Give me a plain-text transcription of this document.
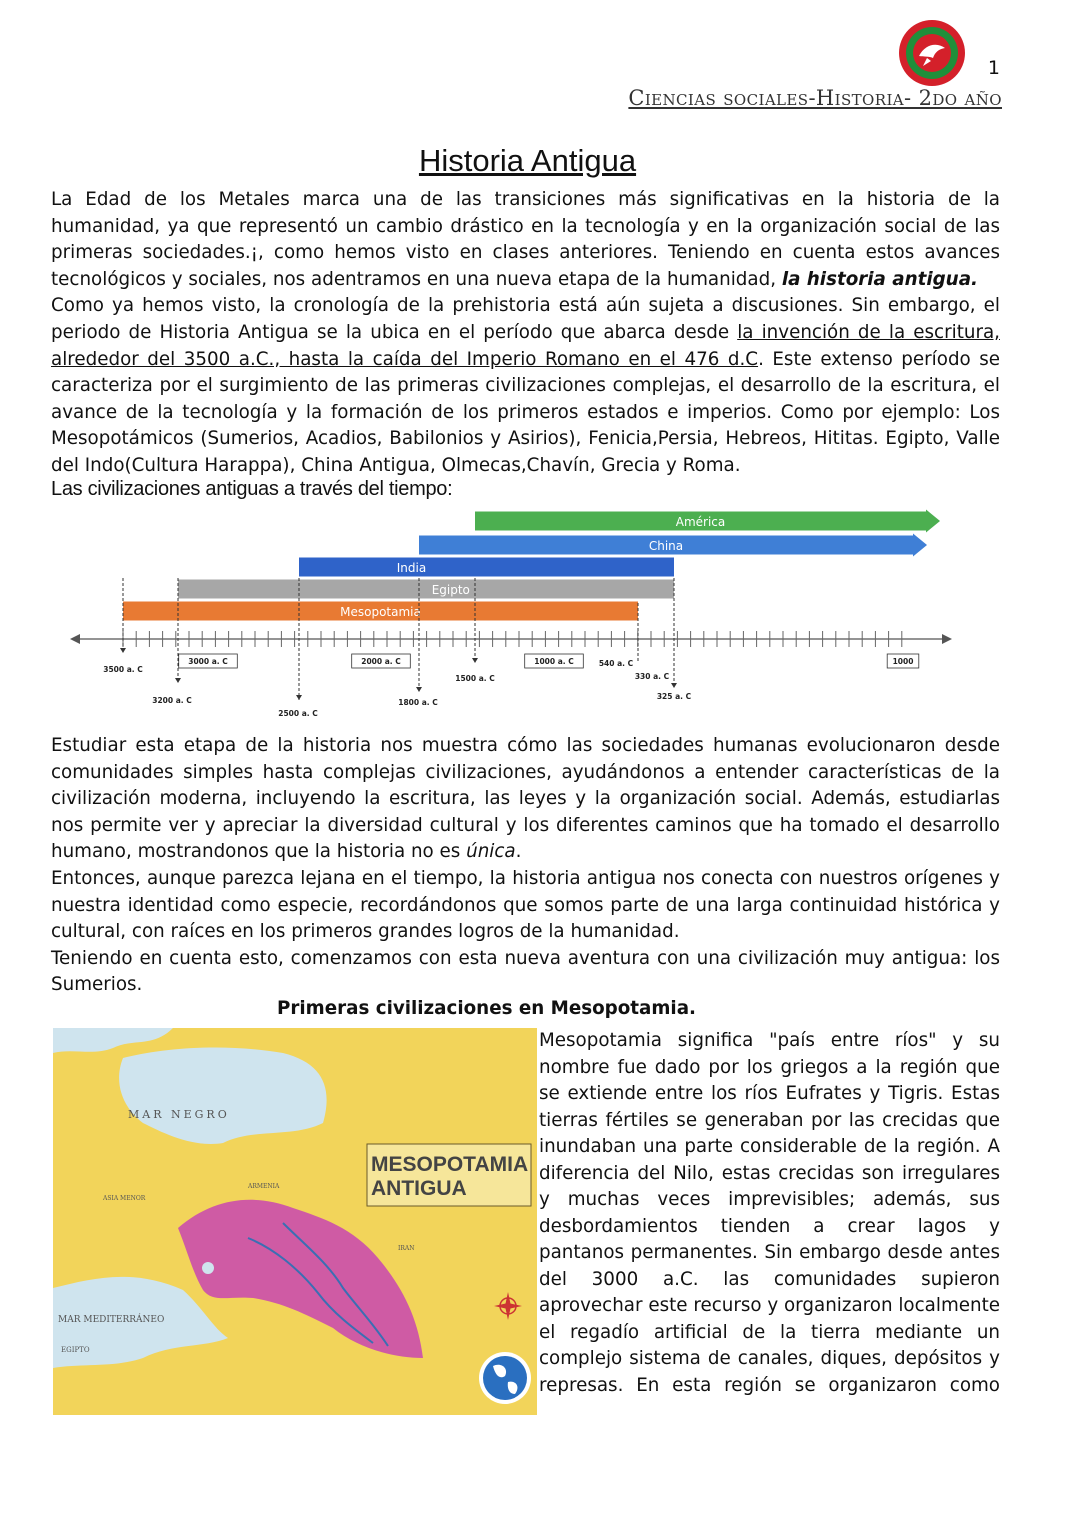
1
Ciencias sociales-Historia- 2do año
Historia Antigua

La Edad de los Metales marca una de las transiciones más significativas en la historia de la humanidad, ya que representó un cambio drástico en la tecnología y en la organización social de las primeras sociedades.¡, como hemos visto en clases anteriores. Teniendo en cuenta estos avances tecnológicos y sociales, nos adentramos en una nueva etapa de la humanidad, la historia antigua.

Como ya hemos visto, la cronología de la prehistoria está aún sujeta a discusiones. Sin embargo, el periodo de Historia Antigua se la ubica en el período que abarca desde la invención de la escritura, alrededor del 3500 a.C., hasta la caída del Imperio Romano en el 476 d.C. Este extenso período se caracteriza por el surgimiento de las primeras civilizaciones complejas, el desarrollo de la escritura, el avance de la tecnología y la formación de los primeros estados e imperios. Como por ejemplo: Los Mesopotámicos (Sumerios, Acadios, Babilonios y Asirios), Fenicia,Persia, Hebreos, Hititas. Egipto, Valle del Indo(Cultura Harappa), China Antigua, Olmecas,Chavín, Grecia y Roma.

Las civilizaciones antiguas a través del tiempo:
América
China
India
Egipto
Mesopotamia
3500 a. C
3000 a. C
3200 a. C
2500 a. C
2000 a. C
1800 a. C
1500 a. C
1000 a. C	540 a. C
330 a. C
325 a. C
1000

Estudiar esta etapa de la historia nos muestra cómo las sociedades humanas evolucionaron desde comunidades simples hasta complejas civilizaciones, ayudándonos a entender características de la civilización moderna, incluyendo la escritura, las leyes y la organización social. Además, estudiarlas nos permite ver y apreciar la diversidad cultural y los diferentes caminos que ha tomado el desarrollo humano, mostrandonos que la historia no es única.

Entonces, aunque parezca lejana en el tiempo, la historia antigua nos conecta con nuestros orígenes y nuestra identidad como especie, recordándonos que somos parte de una larga continuidad histórica y cultural, con raíces en los primeros grandes logros de la humanidad.

Teniendo en cuenta esto, comenzamos con esta nueva aventura con una civilización muy antigua: los Sumerios.

Primeras civilizaciones en Mesopotamia.
MAR NEGRO
MAR MEDITERRÁNEO
ASIA MENOR
ARMENIA
IRAN
EGIPTO
MESOPOTAMIA
ANTIGUA

Mesopotamia significa "país entre ríos" y su nombre fue dado por los griegos a la región que se extiende entre los ríos Eufrates y Tigris. Estas tierras fértiles se generaban por las crecidas que inundaban una parte considerable de la región. A diferencia del Nilo, estas crecidas son irregulares y muchas veces imprevisibles; además, sus desbordamientos tienden a crear lagos y pantanos permanentes. Sin embargo desde antes del 3000 a.C. las comunidades supieron aprovechar este recurso y organizaron localmente el regadío artificial de la tierra mediante un complejo sistema de canales, diques, depósitos y represas. En esta región se organizaron como
